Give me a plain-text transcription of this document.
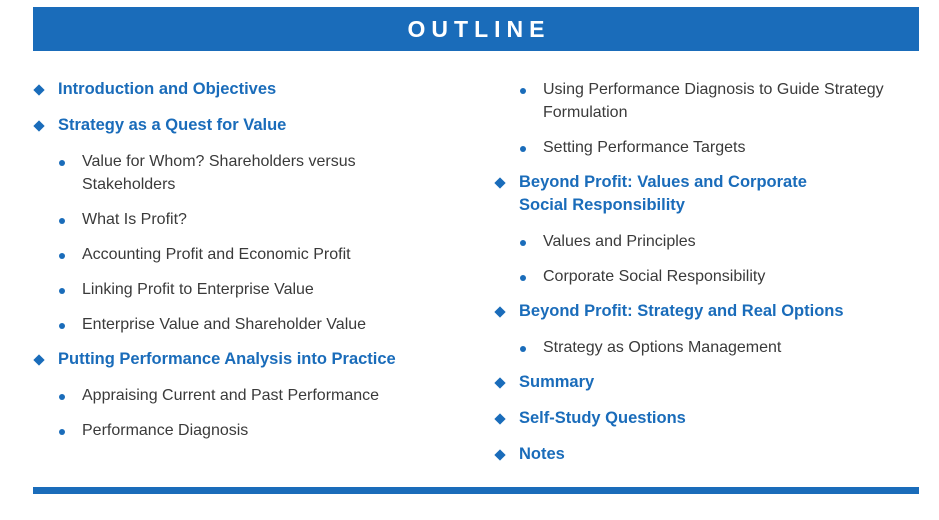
OUTLINE
Introduction and Objectives
Strategy as a Quest for Value
Value for Whom? Shareholders versus Stakeholders
What Is Profit?
Accounting Profit and Economic Profit
Linking Profit to Enterprise Value
Enterprise Value and Shareholder Value
Putting Performance Analysis into Practice
Appraising Current and Past Performance
Performance Diagnosis
Using Performance Diagnosis to Guide Strategy Formulation
Setting Performance Targets
Beyond Profit: Values and Corporate Social Responsibility
Values and Principles
Corporate Social Responsibility
Beyond Profit: Strategy and Real Options
Strategy as Options Management
Summary
Self-Study Questions
Notes
